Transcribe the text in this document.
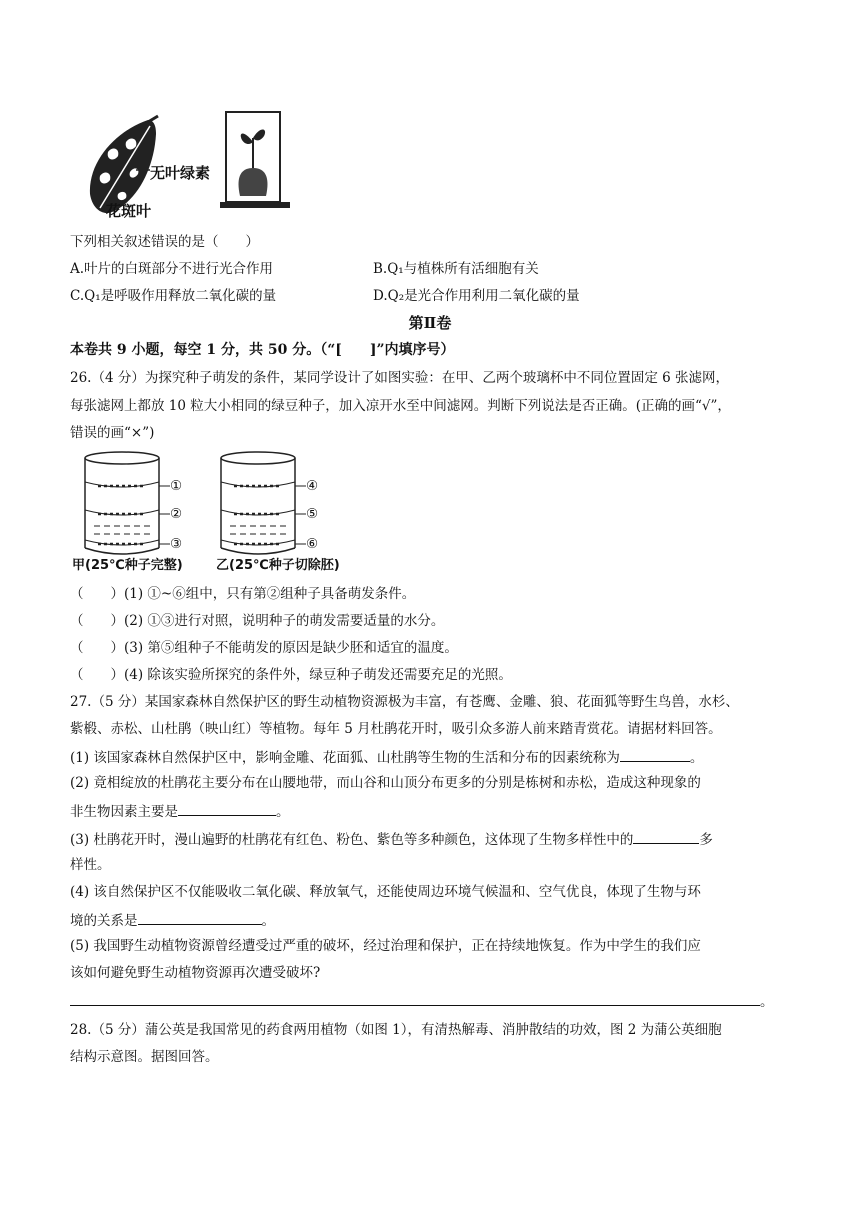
无叶绿素
花斑叶
下列相关叙述错误的是（　　）
A.叶片的白斑部分不进行光合作用	B.Q₁与植株所有活细胞有关
C.Q₁是呼吸作用释放二氧化碳的量	D.Q₂是光合作用利用二氧化碳的量
第Ⅱ卷
本卷共 9 小题，每空 1 分，共 50 分。（“[　　]”内填序号）
26.（4 分）为探究种子萌发的条件，某同学设计了如图实验：在甲、乙两个玻璃杯中不同位置固定 6 张滤网，
每张滤网上都放 10 粒大小相同的绿豆种子，加入凉开水至中间滤网。判断下列说法是否正确。(正确的画“√”，
错误的画“×”)
①
②
③
④
⑤
⑥
甲(25℃种子完整)	乙(25℃种子切除胚)
（　　）(1) ①~⑥组中，只有第②组种子具备萌发条件。
（　　）(2) ①③进行对照，说明种子的萌发需要适量的水分。
（　　）(3) 第⑤组种子不能萌发的原因是缺少胚和适宜的温度。
（　　）(4) 除该实验所探究的条件外，绿豆种子萌发还需要充足的光照。
27.（5 分）某国家森林自然保护区的野生动植物资源极为丰富，有苍鹰、金雕、狼、花面狐等野生鸟兽，水杉、
紫椴、赤松、山杜鹃（映山红）等植物。每年 5 月杜鹃花开时，吸引众多游人前来踏青赏花。请据材料回答。
(1) 该国家森林自然保护区中，影响金雕、花面狐、山杜鹃等生物的生活和分布的因素统称为	。
(2) 竟相绽放的杜鹃花主要分布在山腰地带，而山谷和山顶分布更多的分别是栋树和赤松，造成这种现象的
非生物因素主要是	。
(3) 杜鹃花开时，漫山遍野的杜鹃花有红色、粉色、紫色等多种颜色，这体现了生物多样性中的	多
样性。
(4) 该自然保护区不仅能吸收二氧化碳、释放氧气，还能使周边环境气候温和、空气优良，体现了生物与环
境的关系是	。
(5) 我国野生动植物资源曾经遭受过严重的破坏，经过治理和保护，正在持续地恢复。作为中学生的我们应
该如何避免野生动植物资源再次遭受破坏?
。
28.（5 分）蒲公英是我国常见的药食两用植物（如图 1），有清热解毒、消肿散结的功效，图 2 为蒲公英细胞
结构示意图。据图回答。
